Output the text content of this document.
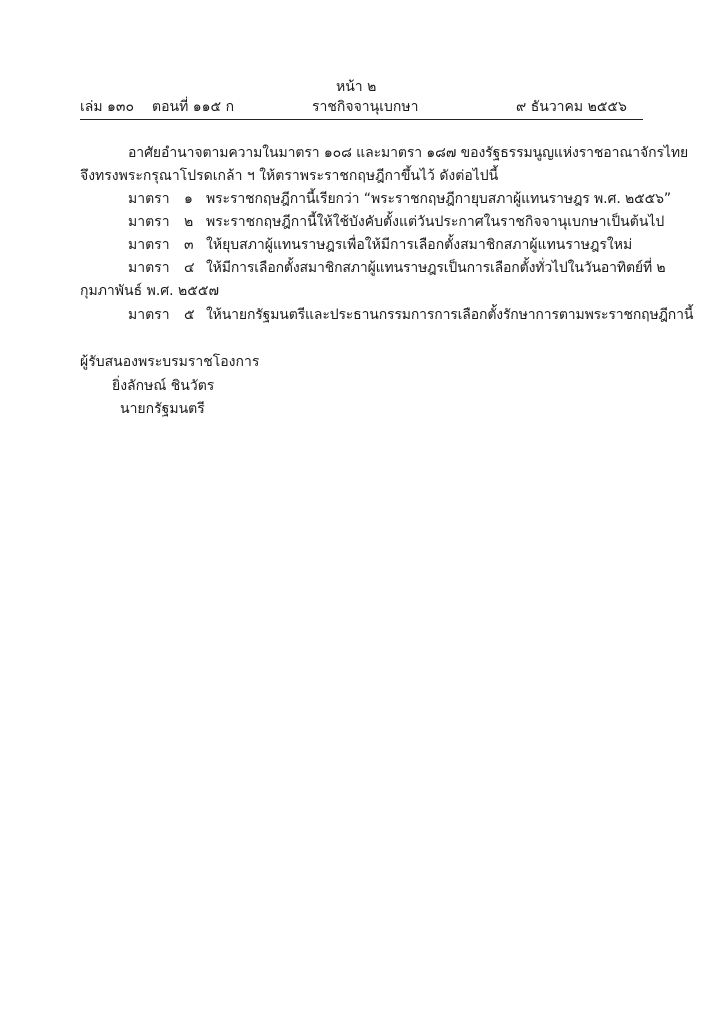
หน้า ๒
เล่ม ๑๓๐ ตอนที่ ๑๑๕ ก	ราชกิจจานุเบกษา	๙ ธันวาคม ๒๕๕๖
อาศัยอำนาจตามความในมาตรา ๑๐๘ และมาตรา ๑๘๗ ของรัฐธรรมนูญแห่งราชอาณาจักรไทย
จึงทรงพระกรุณาโปรดเกล้า ฯ ให้ตราพระราชกฤษฎีกาขึ้นไว้ ดังต่อไปนี้
มาตรา ๑ พระราชกฤษฎีกานี้เรียกว่า “พระราชกฤษฎีกายุบสภาผู้แทนราษฎร พ.ศ. ๒๕๕๖”
มาตรา ๒ พระราชกฤษฎีกานี้ให้ใช้บังคับตั้งแต่วันประกาศในราชกิจจานุเบกษาเป็นต้นไป
มาตรา ๓ ให้ยุบสภาผู้แทนราษฎรเพื่อให้มีการเลือกตั้งสมาชิกสภาผู้แทนราษฎรใหม่
มาตรา ๔ ให้มีการเลือกตั้งสมาชิกสภาผู้แทนราษฎรเป็นการเลือกตั้งทั่วไปในวันอาทิตย์ที่ ๒
กุมภาพันธ์ พ.ศ. ๒๕๕๗
มาตรา ๕ ให้นายกรัฐมนตรีและประธานกรรมการการเลือกตั้งรักษาการตามพระราชกฤษฎีกานี้
ผู้รับสนองพระบรมราชโองการ
ยิ่งลักษณ์ ชินวัตร
นายกรัฐมนตรี
